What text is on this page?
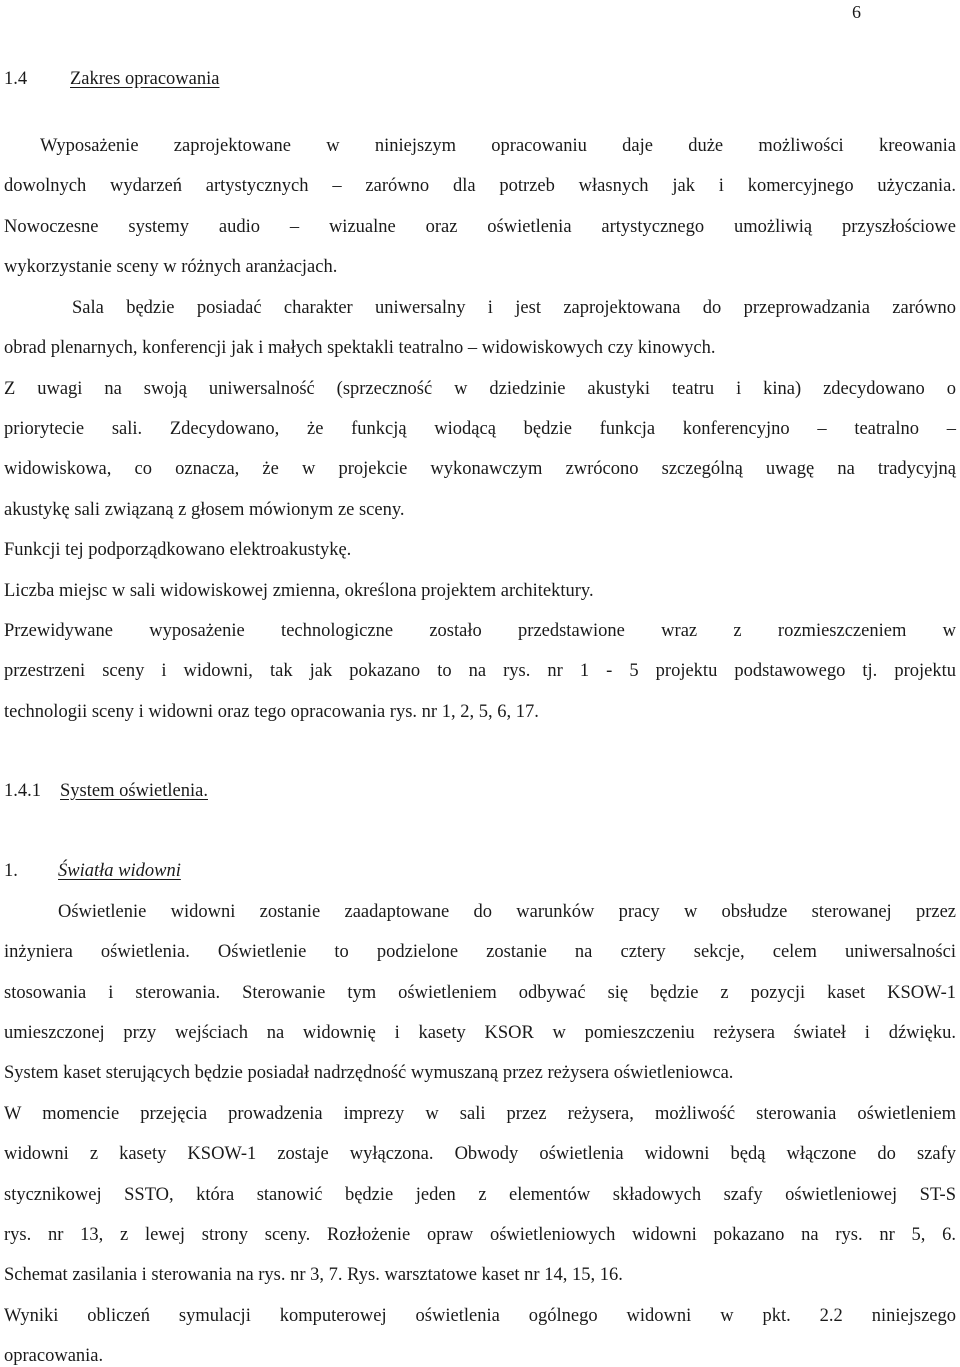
6
1.4 Zakres opracowania
Wyposażenie zaprojektowane w niniejszym opracowaniu daje duże możliwości kreowania
dowolnych wydarzeń artystycznych – zarówno dla potrzeb własnych jak i komercyjnego użyczania.
Nowoczesne systemy audio – wizualne oraz oświetlenia artystycznego umożliwią przyszłościowe
wykorzystanie sceny w różnych aranżacjach.
Sala będzie posiadać charakter uniwersalny i jest zaprojektowana do przeprowadzania zarówno
obrad plenarnych, konferencji jak i małych spektakli teatralno – widowiskowych czy kinowych.
Z uwagi na swoją uniwersalność (sprzeczność w dziedzinie akustyki teatru i kina) zdecydowano o
priorytecie sali. Zdecydowano, że funkcją wiodącą będzie funkcja konferencyjno – teatralno –
widowiskowa, co oznacza, że w projekcie wykonawczym zwrócono szczególną uwagę na tradycyjną
akustykę sali związaną z głosem mówionym ze sceny.
Funkcji tej podporządkowano elektroakustykę.
Liczba miejsc w sali widowiskowej zmienna, określona projektem architektury.
Przewidywane wyposażenie technologiczne zostało przedstawione wraz z rozmieszczeniem w
przestrzeni sceny i widowni, tak jak pokazano to na rys. nr 1 - 5 projektu podstawowego tj. projektu
technologii sceny i widowni oraz tego opracowania rys. nr 1, 2, 5, 6, 17.
1.4.1 System oświetlenia.
1. Światła widowni
Oświetlenie widowni zostanie zaadaptowane do warunków pracy w obsłudze sterowanej przez
inżyniera oświetlenia. Oświetlenie to podzielone zostanie na cztery sekcje, celem uniwersalności
stosowania i sterowania. Sterowanie tym oświetleniem odbywać się będzie z pozycji kaset KSOW-1
umieszczonej przy wejściach na widownię i kasety KSOR w pomieszczeniu reżysera świateł i dźwięku.
System kaset sterujących będzie posiadał nadrzędność wymuszaną przez reżysera oświetleniowca.
W momencie przejęcia prowadzenia imprezy w sali przez reżysera, możliwość sterowania oświetleniem
widowni z kasety KSOW-1 zostaje wyłączona. Obwody oświetlenia widowni będą włączone do szafy
stycznikowej SSTO, która stanowić będzie jeden z elementów składowych szafy oświetleniowej ST-S
rys. nr 13, z lewej strony sceny. Rozłożenie opraw oświetleniowych widowni pokazano na rys. nr 5, 6.
Schemat zasilania i sterowania na rys. nr 3, 7. Rys. warsztatowe kaset nr 14, 15, 16.
Wyniki obliczeń symulacji komputerowej oświetlenia ogólnego widowni w pkt. 2.2 niniejszego
opracowania.
